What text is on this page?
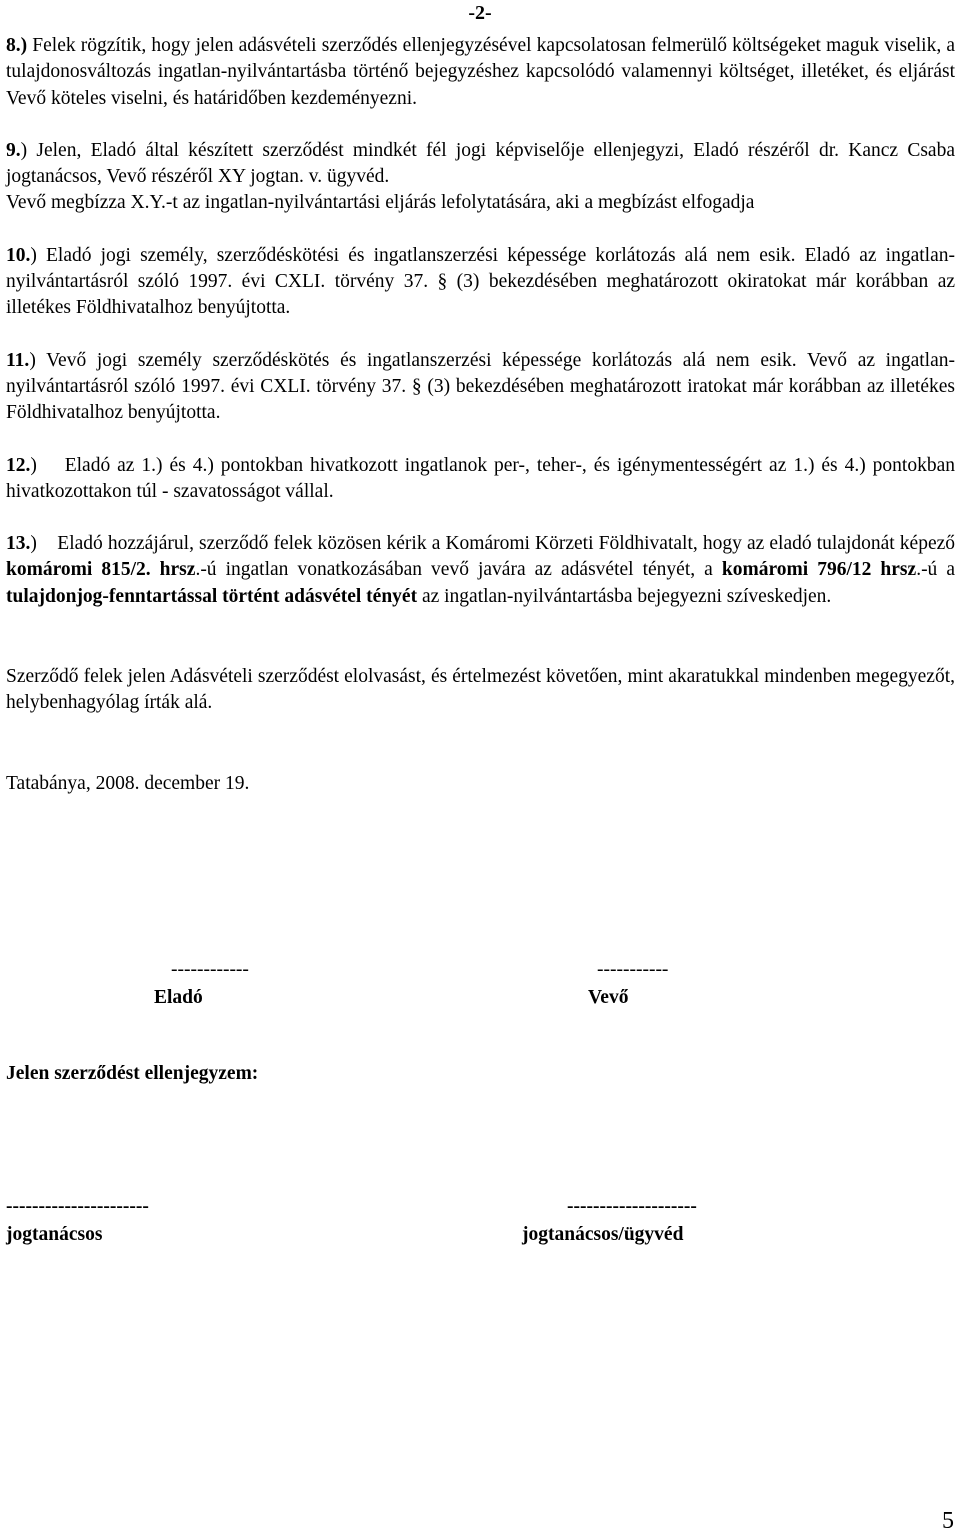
-2-

8.) Felek rögzítik, hogy jelen adásvételi szerződés ellenjegyzésével kapcsolatosan felmerülő költségeket maguk viselik, a tulajdonosváltozás ingatlan-nyilvántartásba történő bejegyzéshez kapcsolódó valamennyi költséget, illetéket, és eljárást Vevő köteles viselni, és határidőben kezdeményezni.

9.) Jelen, Eladó által készített szerződést mindkét fél jogi képviselője ellenjegyzi, Eladó részéről dr. Kancz Csaba jogtanácsos, Vevő részéről XY jogtan. v. ügyvéd.

Vevő megbízza X.Y.-t az ingatlan-nyilvántartási eljárás lefolytatására, aki a megbízást elfogadja

10.) Eladó jogi személy, szerződéskötési és ingatlanszerzési képessége korlátozás alá nem esik. Eladó az ingatlan-nyilvántartásról szóló 1997. évi CXLI. törvény 37. § (3) bekezdésében meghatározott okiratokat már korábban az illetékes Földhivatalhoz benyújtotta.

11.) Vevő jogi személy szerződéskötés és ingatlanszerzési képessége korlátozás alá nem esik. Vevő az ingatlan-nyilvántartásról szóló 1997. évi CXLI. törvény 37. § (3) bekezdésében meghatározott iratokat már korábban az illetékes Földhivatalhoz benyújtotta.

12.)    Eladó az 1.) és 4.) pontokban hivatkozott ingatlanok per-, teher-, és igénymentességért az 1.) és 4.) pontokban hivatkozottakon túl - szavatosságot vállal.

13.)    Eladó hozzájárul, szerződő felek közösen kérik a Komáromi Körzeti Földhivatalt, hogy az eladó tulajdonát képező komáromi 815/2. hrsz.-ú ingatlan vonatkozásában vevő javára az adásvétel tényét, a komáromi 796/12 hrsz.-ú a tulajdonjog-fenntartással történt adásvétel tényét az ingatlan-nyilvántartásba bejegyezni szíveskedjen.

Szerződő felek jelen Adásvételi szerződést elolvasást, és értelmezést követően, mint akaratukkal mindenben megegyezőt, helybenhagyólag írták alá.

Tatabánya, 2008. december 19.

------------
Eladó
-----------
Vevő
Jelen szerződést ellenjegyzem:
----------------------
jogtanácsos
--------------------
jogtanácsos/ügyvéd
5
